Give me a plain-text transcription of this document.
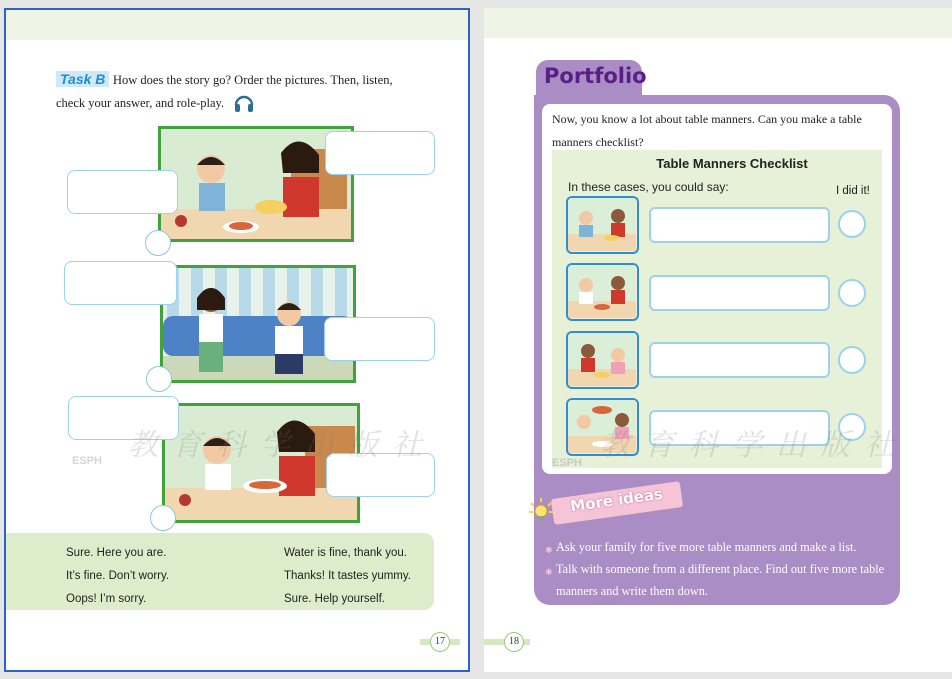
Task B How does the story go? Order the pictures. Then, listen,
check your answer, and role-play.
Sure. Here you are.
It’s fine. Don’t worry.
Oops! I’m sorry.
Water is fine, thank you.
Thanks! It tastes yummy.
Sure. Help yourself.
17
Portfolio
Now, you know a lot about table manners. Can you make a table manners checklist?
Table Manners Checklist
In these cases, you could say:	I did it!
More ideas
✱ Ask your family for five more table manners and make a list.
✱ Talk with someone from a different place. Find out five more table manners and write them down.
18
ESPH 教育科学出版社	ESPH 教育科学出版社
